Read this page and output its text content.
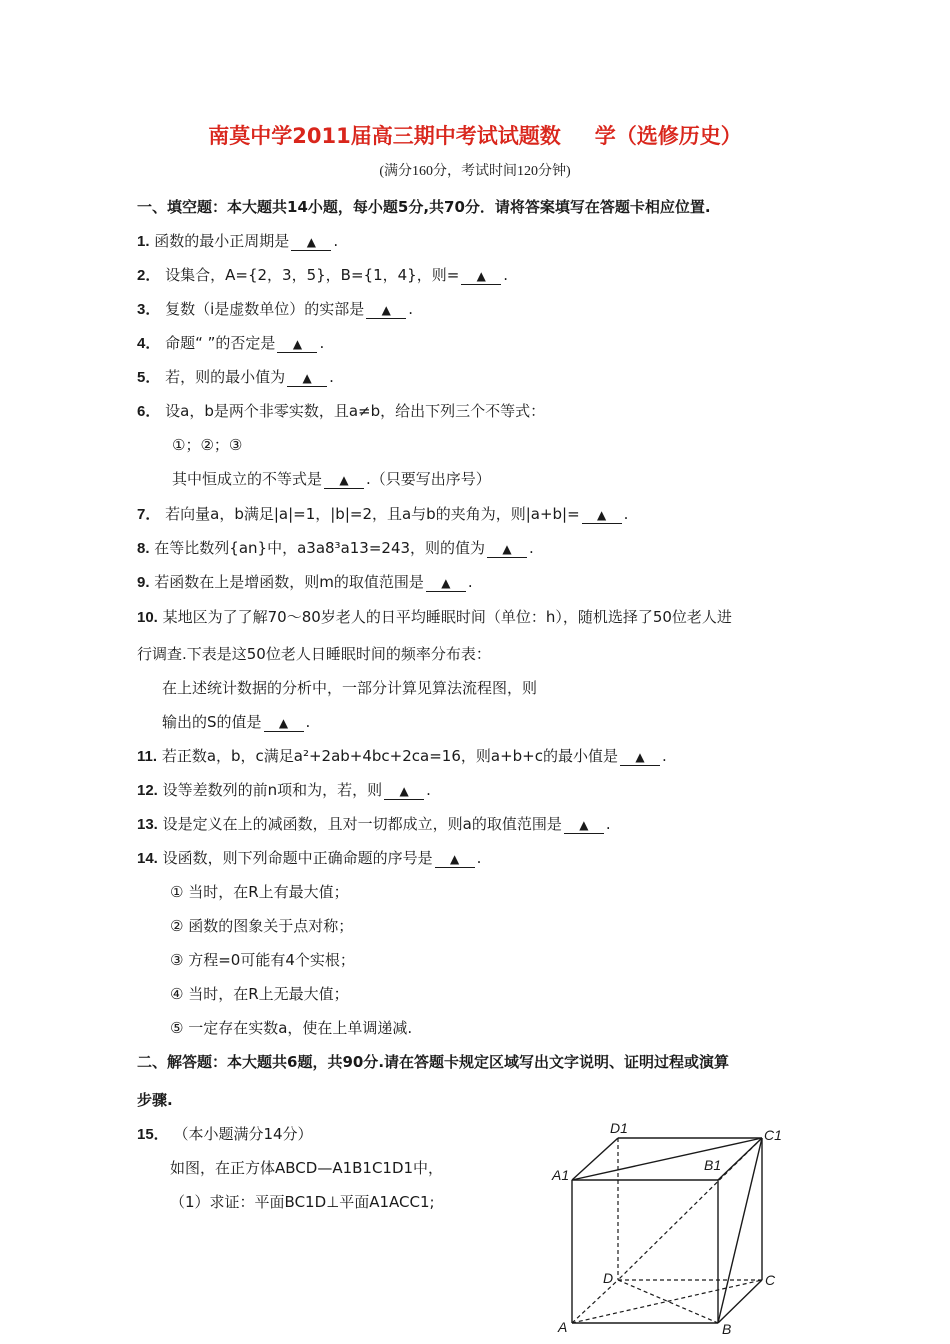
南莫中学2011届高三期中考试试题数 学（选修历史）
(满分160分，考试时间120分钟)
一、填空题：本大题共14小题，每小题5分,共70分．请将答案填写在答题卡相应位置.
1. 函数的最小正周期是 ▲ .
2． 设集合，A={2，3，5}，B={1，4}，则= ▲ .
3． 复数（i是虚数单位）的实部是 ▲ .
4． 命题“ ”的否定是 ▲ .
5． 若，则的最小值为 ▲ .
6． 设a，b是两个非零实数，且a≠b，给出下列三个不等式：
①；②；③
其中恒成立的不等式是 ▲ .（只要写出序号）
7． 若向量a，b满足|a|=1，|b|=2，且a与b的夹角为，则|a+b|= ▲ .
8. 在等比数列{an}中，a3a8³a13=243，则的值为 ▲ .
9. 若函数在上是增函数，则m的取值范围是 ▲ .
10. 某地区为了了解70～80岁老人的日平均睡眠时间（单位：h），随机选择了50位老人进
行调查.下表是这50位老人日睡眠时间的频率分布表：
在上述统计数据的分析中，一部分计算见算法流程图，则
输出的S的值是 ▲ .
11. 若正数a，b，c满足a²+2ab+4bc+2ca=16，则a+b+c的最小值是 ▲ .
12. 设等差数列的前n项和为，若，则 ▲ .
13. 设是定义在上的减函数，且对一切都成立，则a的取值范围是 ▲ .
14. 设函数，则下列命题中正确命题的序号是 ▲ .
① 当时，在R上有最大值；
② 函数的图象关于点对称；
③ 方程=0可能有4个实根；
④ 当时，在R上无最大值；
⑤ 一定存在实数a，使在上单调递减.
二、解答题：本大题共6题，共90分.请在答题卡规定区域写出文字说明、证明过程或演算
步骤.
15． （本小题满分14分）
如图，在正方体ABCD—A1B1C1D1中，
（1）求证：平面BC1D⊥平面A1ACC1;
D1	C1
A1
B1
D	C
A	B
